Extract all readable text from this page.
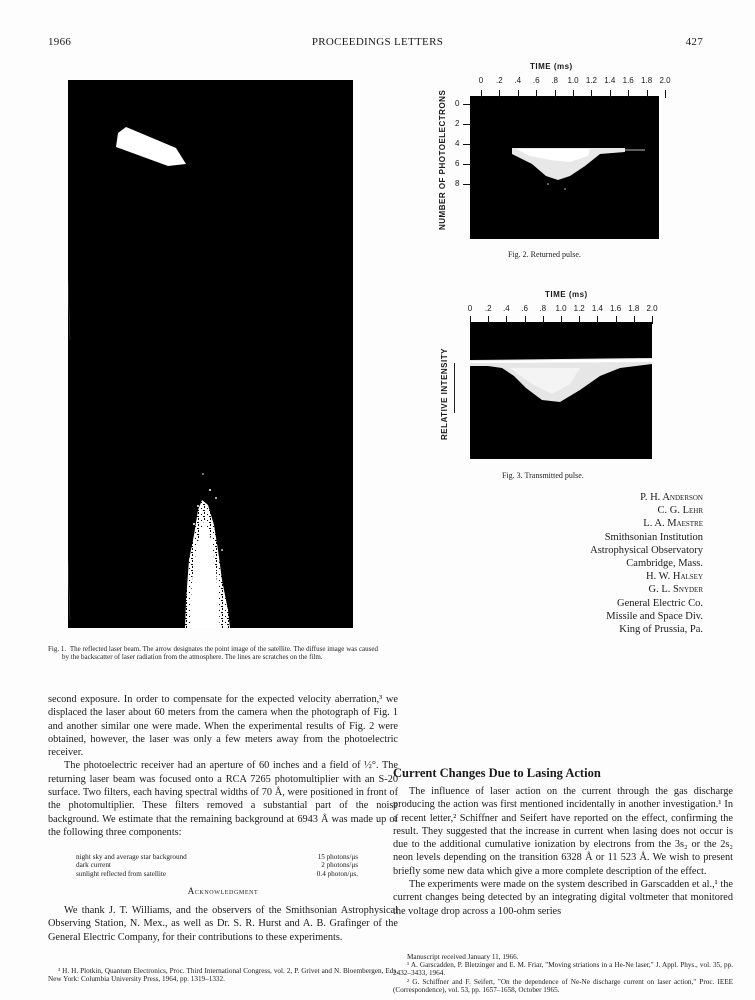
1966	PROCEEDINGS LETTERS	427
Fig. 1. The reflected laser beam. The arrow designates the point image of the satellite. The diffuse image was caused by the backscatter of laser radiation from the atmosphere. The lines are scratches on the film.
TIME (ms)
NUMBER OF PHOTOELECTRONS
Fig. 2. Returned pulse.
0 .2 .4 .6 .8 1.0 1.2 1.4 1.6 1.8 2.0
0
2
4
6
8
TIME (ms)
RELATIVE INTENSITY
Fig. 3. Transmitted pulse.
0 .2 .4 .6 .8 1.0 1.2 1.4 1.6 1.8 2.0
P. H. Anderson
C. G. Lehr
L. A. Maestre
Smithsonian Institution
Astrophysical Observatory
Cambridge, Mass.
H. W. Halsey
G. L. Snyder
General Electric Co.
Missile and Space Div.
King of Prussia, Pa.

second exposure. In order to compensate for the expected velocity aberration,³ we displaced the laser about 60 meters from the camera when the photograph of Fig. 1 and another similar one were made. When the experimental results of Fig. 2 were obtained, however, the laser was only a few meters away from the photoelectric receiver.

The photoelectric receiver had an aperture of 60 inches and a field of ½°. The returning laser beam was focused onto a RCA 7265 photomultiplier with an S-20 surface. Two filters, each having spectral widths of 70 Å, were positioned in front of the photomultiplier. These filters removed a substantial part of the noise background. We estimate that the remaining background at 6943 Å was made up of the following three components:

night sky and average star background	15 photons/μs
dark current	2 photons/μs
sunlight reflected from satellite	0.4 photon/μs.
Acknowledgment

We thank J. T. Williams, and the observers of the Smithsonian Astrophysical Observing Station, N. Mex., as well as Dr. S. R. Hurst and A. B. Grafinger of the General Electric Company, for their contributions to these experiments.

³ H. H. Plotkin, Quantum Electronics, Proc. Third International Congress, vol. 2, P. Grivet and N. Bloembergen, Eds. New York: Columbia University Press, 1964, pp. 1319–1332.
Current Changes Due to Lasing Action

The influence of laser action on the current through the gas discharge producing the action was first mentioned incidentally in another investigation.¹ In a recent letter,² Schiffner and Seifert have reported on the effect, confirming the result. They suggested that the increase in current when lasing does not occur is due to the additional cumulative ionization by electrons from the 3s₂ or the 2s₂ neon levels depending on the transition 6328 Å or 11 523 Å. We wish to present briefly some new data which give a more complete description of the effect.

The experiments were made on the system described in Garscadden et al.,¹ the current changes being detected by an integrating digital voltmeter that monitored the voltage drop across a 100-ohm series

Manuscript received January 11, 1966.
¹ A. Garscadden, P. Bletzinger and E. M. Friar, "Moving striations in a He-Ne laser," J. Appl. Phys., vol. 35, pp. 2432–3433, 1964.
² G. Schiffner and F. Seifert, "On the dependence of Ne-Ne discharge current on laser action," Proc. IEEE (Correspondence), vol. 53, pp. 1657–1658, October 1965.
